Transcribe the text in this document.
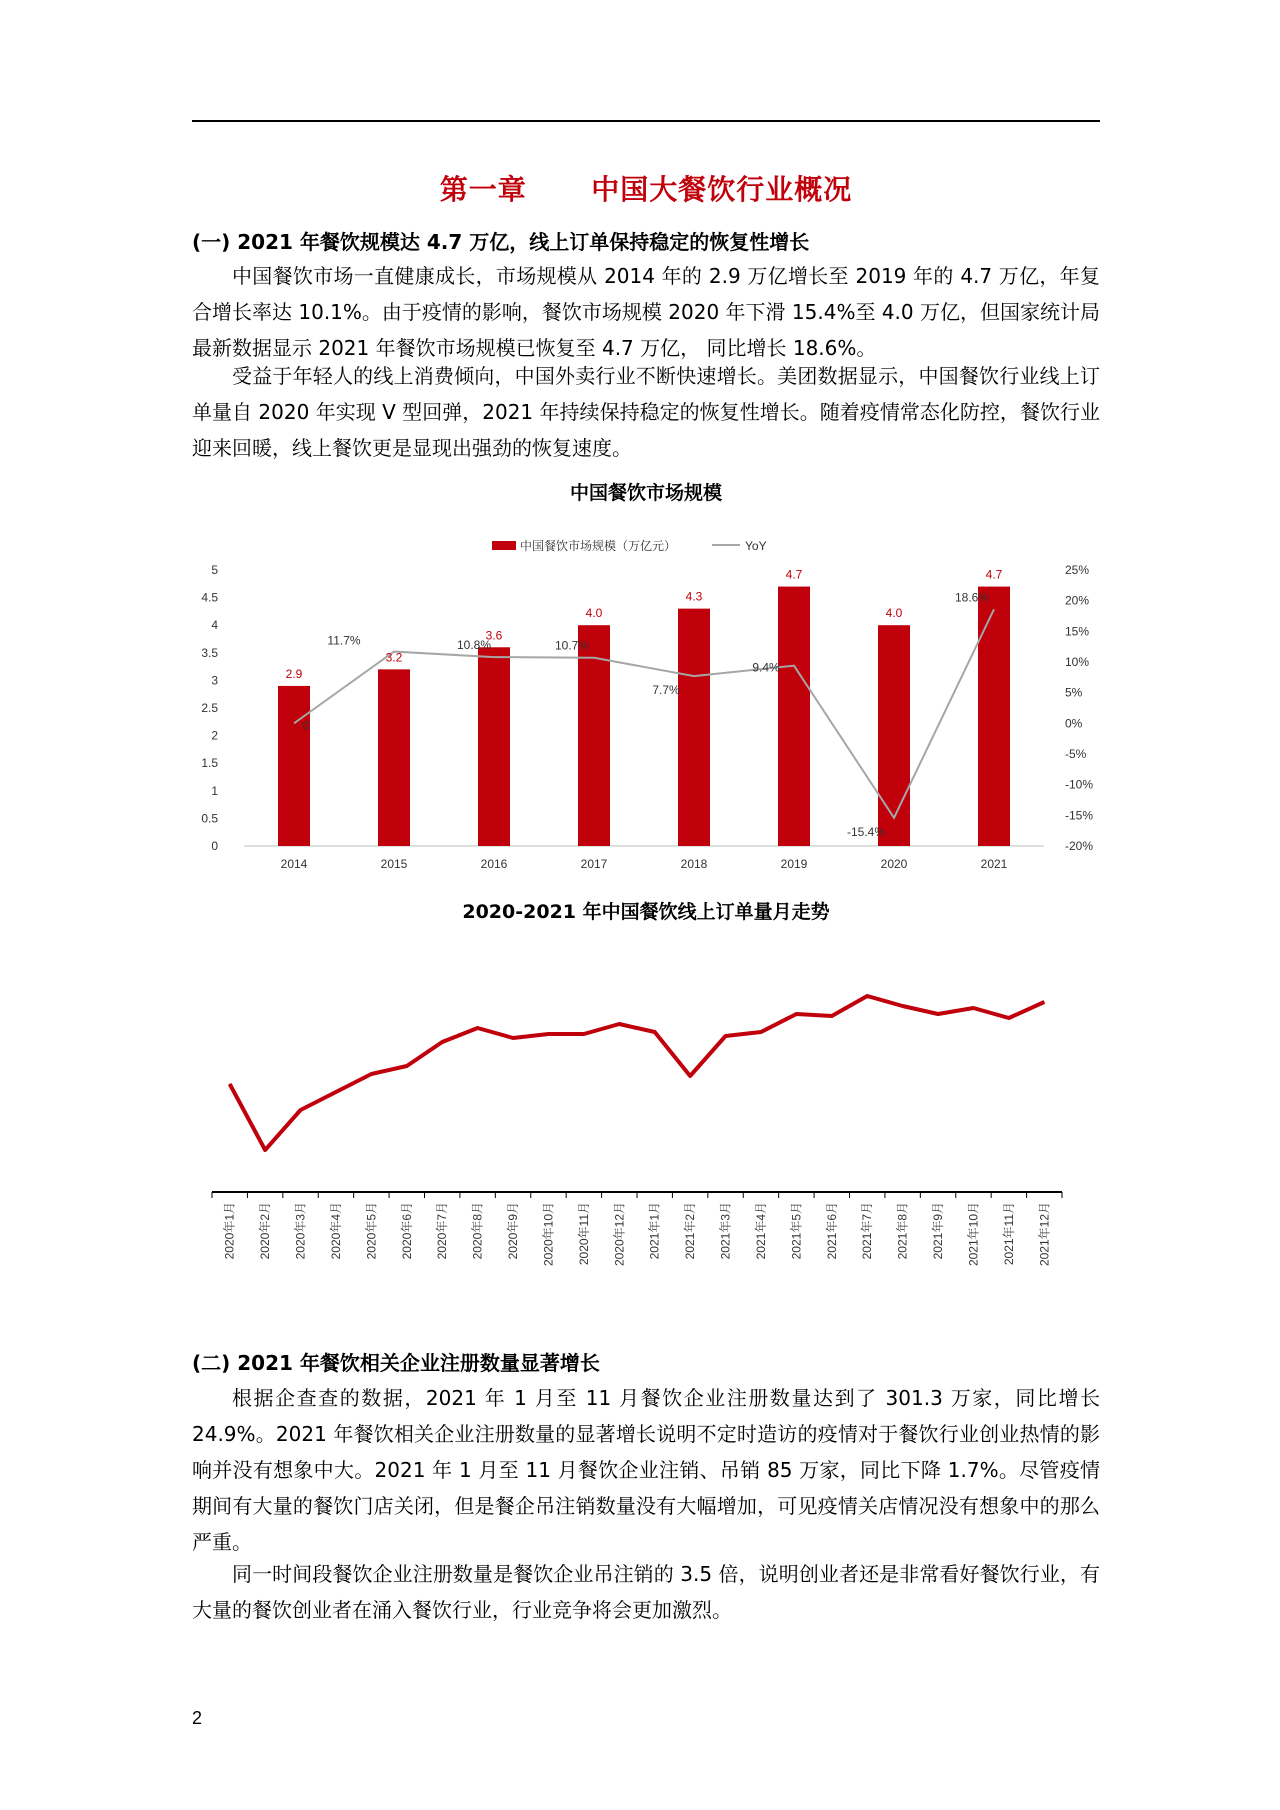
第一章      中国大餐饮行业概况
(一) 2021 年餐饮规模达 4.7 万亿，线上订单保持稳定的恢复性增长

中国餐饮市场一直健康成长，市场规模从 2014 年的 2.9 万亿增长至 2019 年的 4.7 万亿，年复合增长率达 10.1%。由于疫情的影响，餐饮市场规模 2020 年下滑 15.4%至 4.0 万亿，但国家统计局最新数据显示 2021 年餐饮市场规模已恢复至 4.7 万亿， 同比增长 18.6%。

受益于年轻人的线上消费倾向，中国外卖行业不断快速增长。美团数据显示，中国餐饮行业线上订单量自 2020 年实现 V 型回弹，2021 年持续保持稳定的恢复性增长。随着疫情常态化防控，餐饮行业迎来回暖，线上餐饮更是显现出强劲的恢复速度。

中国餐饮市场规模
中国餐饮市场规模（万亿元）	YoY
0
0.5
1
1.5
2
2.5
3
3.5
4
4.5
5
-20%
-15%
-10%
-5%
0%
5%
10%
15%
20%
25%
2014	2015	2016	2017	2018	2019	2020	2021
2.9
3.2
3.6
4.0
4.3
4.7
4.0
4.7
0
11.7%	10.8%	10.7%
7.7%
9.4%
-15.4%
18.6%
2020-2021 年中国餐饮线上订单量月走势
2020年1月 2020年2月 2020年3月 2020年4月 2020年5月 2020年6月 2020年7月 2020年8月 2020年9月 2020年10月 2020年11月 2020年12月 2021年1月 2021年2月 2021年3月 2021年4月 2021年5月 2021年6月 2021年7月 2021年8月 2021年9月 2021年10月 2021年11月 2021年12月
(二) 2021 年餐饮相关企业注册数量显著增长

根据企查查的数据，2021 年 1 月至 11 月餐饮企业注册数量达到了 301.3 万家，同比增长 24.9%。2021 年餐饮相关企业注册数量的显著增长说明不定时造访的疫情对于餐饮行业创业热情的影响并没有想象中大。2021 年 1 月至 11 月餐饮企业注销、吊销 85 万家，同比下降 1.7%。尽管疫情期间有大量的餐饮门店关闭，但是餐企吊注销数量没有大幅增加，可见疫情关店情况没有想象中的那么严重。

同一时间段餐饮企业注册数量是餐饮企业吊注销的 3.5 倍，说明创业者还是非常看好餐饮行业，有大量的餐饮创业者在涌入餐饮行业，行业竞争将会更加激烈。

2
